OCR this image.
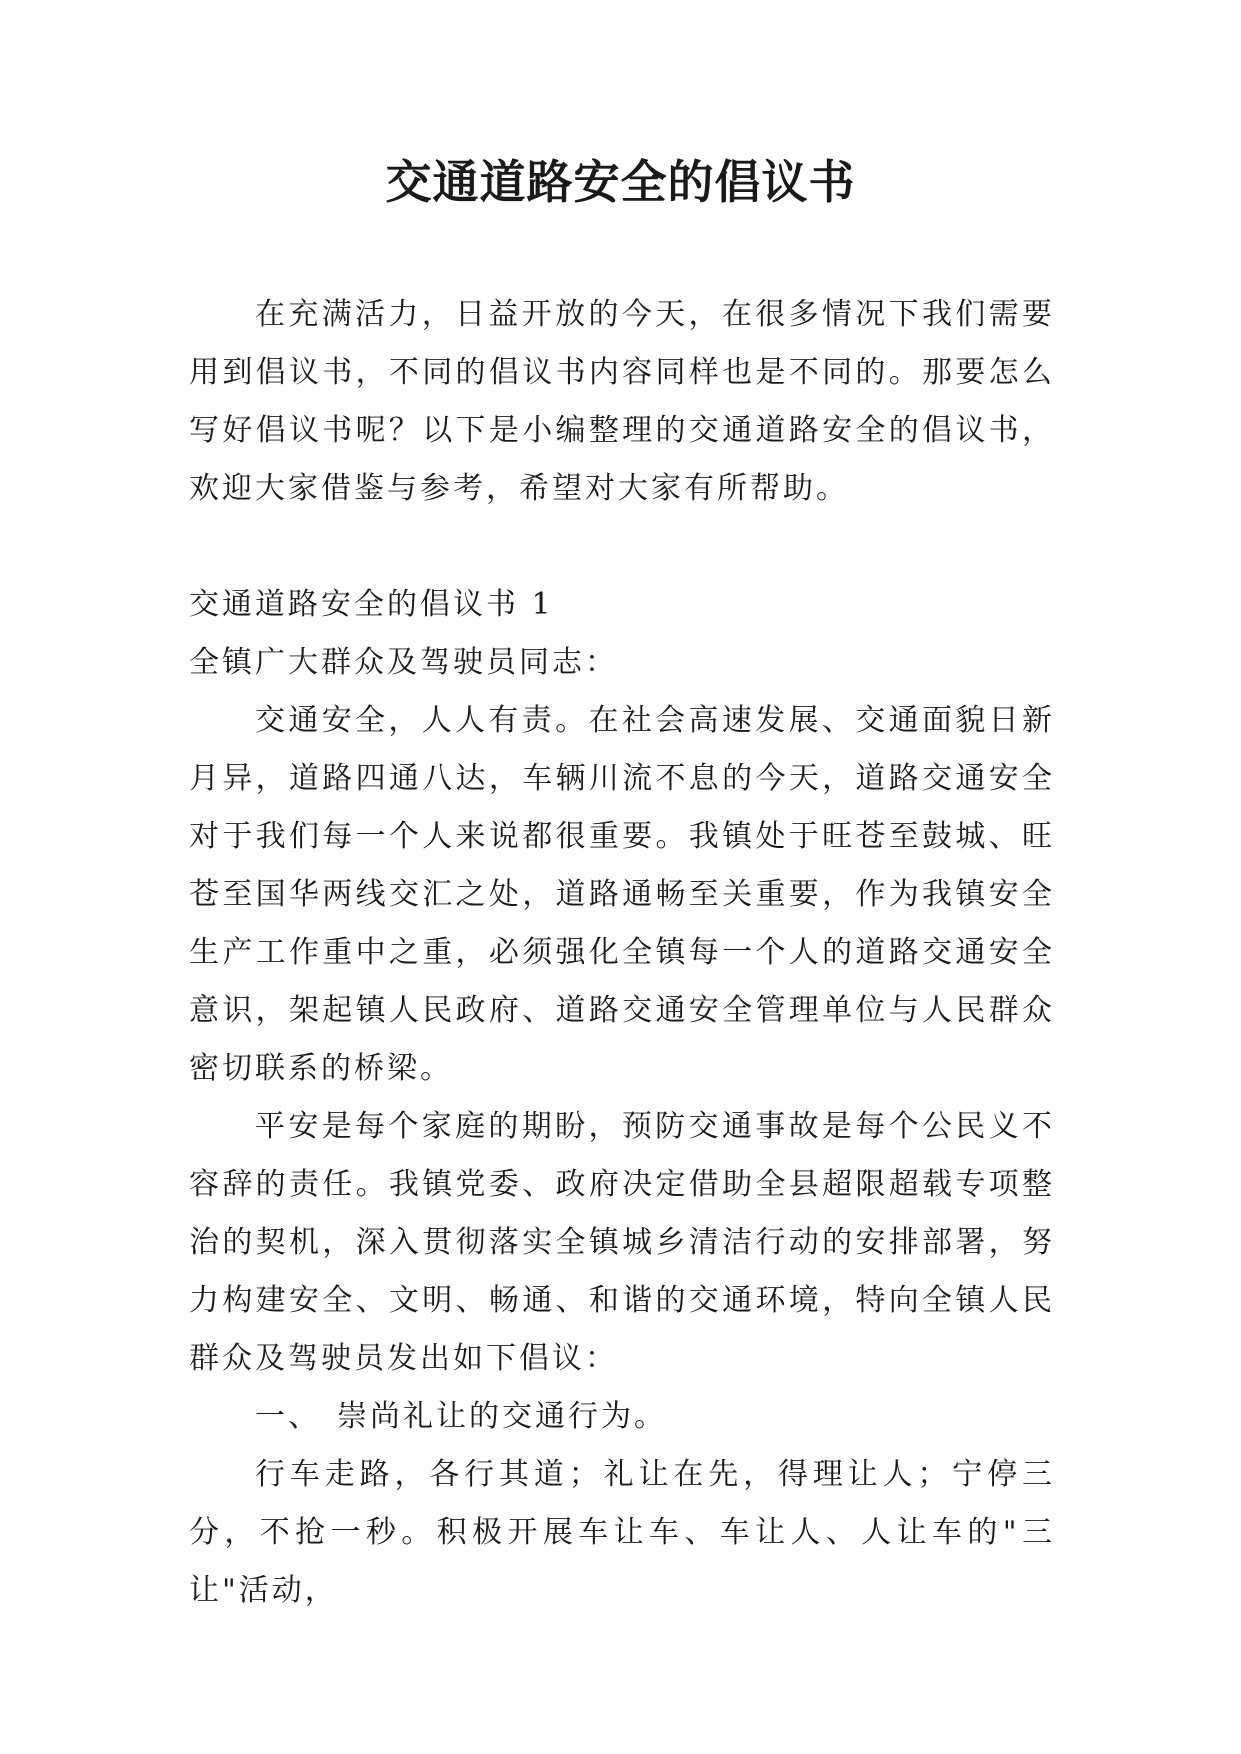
交通道路安全的倡议书

在充满活力，日益开放的今天，在很多情况下我们需要用到倡议书，不同的倡议书内容同样也是不同的。那要怎么写好倡议书呢？以下是小编整理的交通道路安全的倡议书，欢迎大家借鉴与参考，希望对大家有所帮助。

交通道路安全的倡议书 1

全镇广大群众及驾驶员同志：

交通安全，人人有责。在社会高速发展、交通面貌日新月异，道路四通八达，车辆川流不息的今天，道路交通安全对于我们每一个人来说都很重要。我镇处于旺苍至鼓城、旺苍至国华两线交汇之处，道路通畅至关重要，作为我镇安全生产工作重中之重，必须强化全镇每一个人的道路交通安全意识，架起镇人民政府、道路交通安全管理单位与人民群众密切联系的桥梁。

平安是每个家庭的期盼，预防交通事故是每个公民义不容辞的责任。我镇党委、政府决定借助全县超限超载专项整治的契机，深入贯彻落实全镇城乡清洁行动的安排部署，努力构建安全、文明、畅通、和谐的交通环境，特向全镇人民群众及驾驶员发出如下倡议：

一、 崇尚礼让的交通行为。

行车走路，各行其道；礼让在先，得理让人；宁停三分，不抢一秒。积极开展车让车、车让人、人让车的"三让"活动，
